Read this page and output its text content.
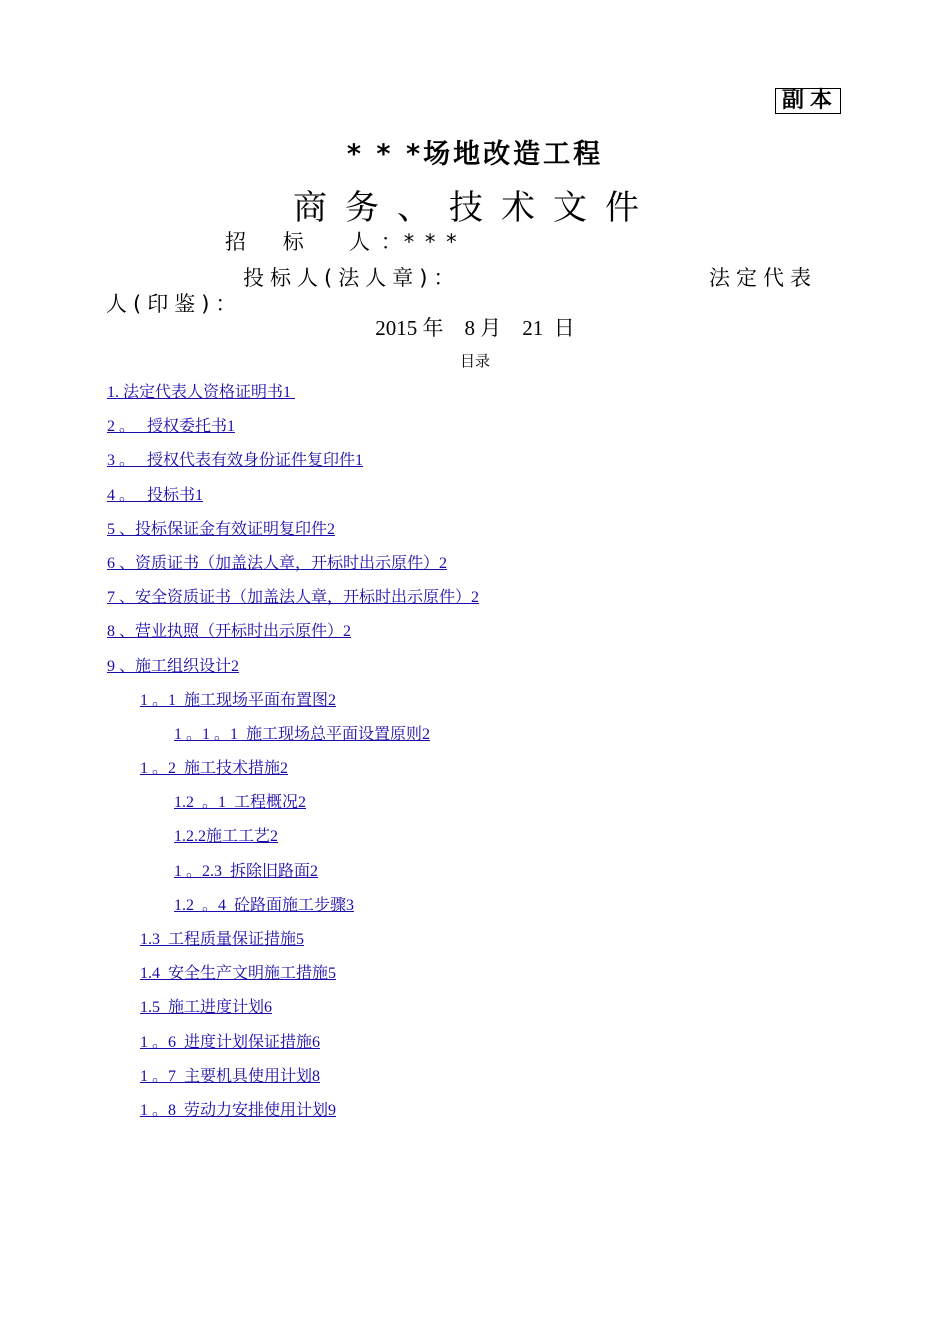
副本
* * *场地改造工程
商务、技术文件
招    标     人 ：* * *
投标人(法人章)：	法定代表
人(印鉴)：
2015 年    8 月    21  日
目录
1. 法定代表人资格证明书1
2 。   授权委托书1
3 。   授权代表有效身份证件复印件1
4 。   投标书1
5 、投标保证金有效证明复印件2
6 、资质证书（加盖法人章，开标时出示原件）2
7 、安全资质证书（加盖法人章，开标时出示原件）2
8 、营业执照（开标时出示原件）2
9 、施工组织设计2
1 。1  施工现场平面布置图2
1 。1 。1  施工现场总平面设置原则2
1 。2  施工技术措施2
1.2  。1  工程概况2
1.2.2施工工艺2
1 。2.3  拆除旧路面2
1.2  。4  砼路面施工步骤3
1.3  工程质量保证措施5
1.4  安全生产文明施工措施5
1.5  施工进度计划6
1 。6  进度计划保证措施6
1 。7  主要机具使用计划8
1 。8  劳动力安排使用计划9
